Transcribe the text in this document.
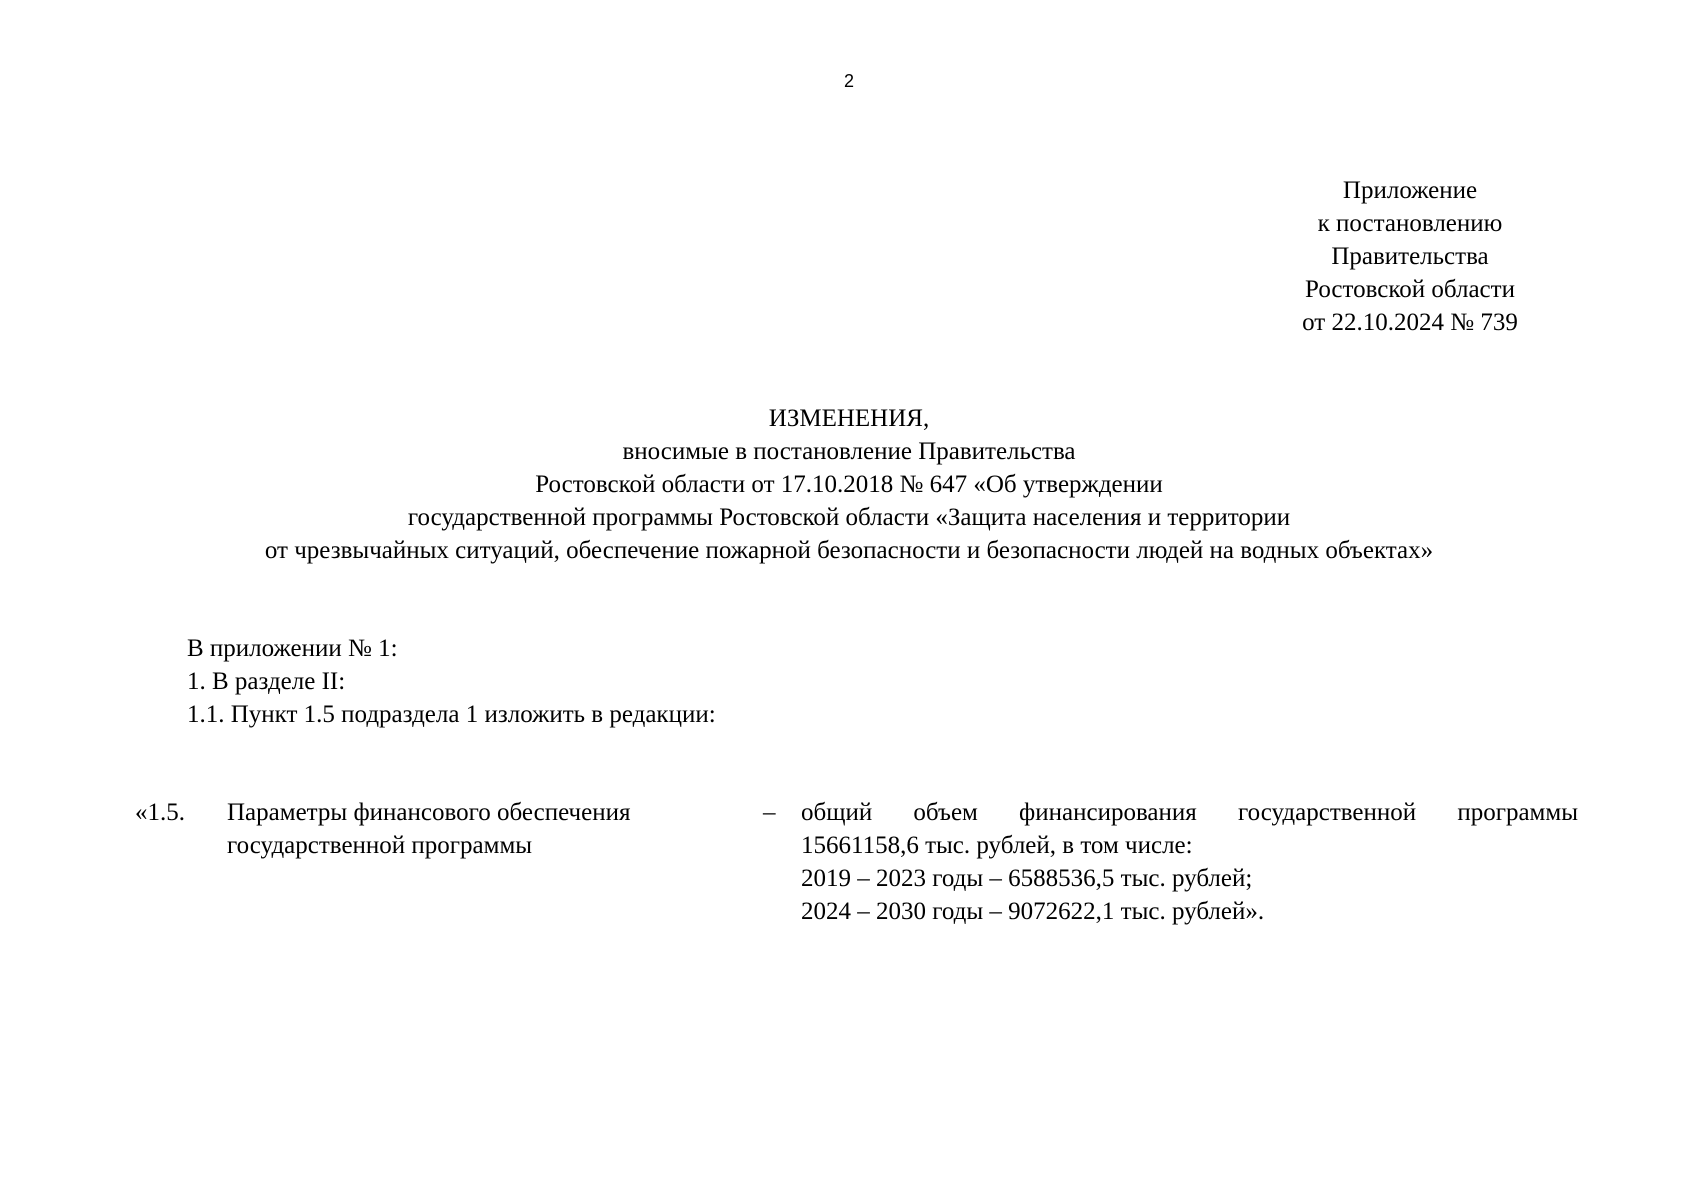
2
Приложение
к постановлению
Правительства
Ростовской области
от 22.10.2024 № 739
ИЗМЕНЕНИЯ,
вносимые в постановление Правительства
Ростовской области от 17.10.2018 № 647 «Об утверждении
государственной программы Ростовской области «Защита населения и территории
от чрезвычайных ситуаций, обеспечение пожарной безопасности и безопасности людей на водных объектах»
В приложении № 1:
1. В разделе II:
1.1. Пункт 1.5 подраздела 1 изложить в редакции:
«1.5. Параметры финансового обеспечения
государственной программы
– общий объем финансирования государственной программы
15661158,6 тыс. рублей, в том числе:
2019 – 2023 годы – 6588536,5 тыс. рублей;
2024 – 2030 годы – 9072622,1 тыс. рублей».
